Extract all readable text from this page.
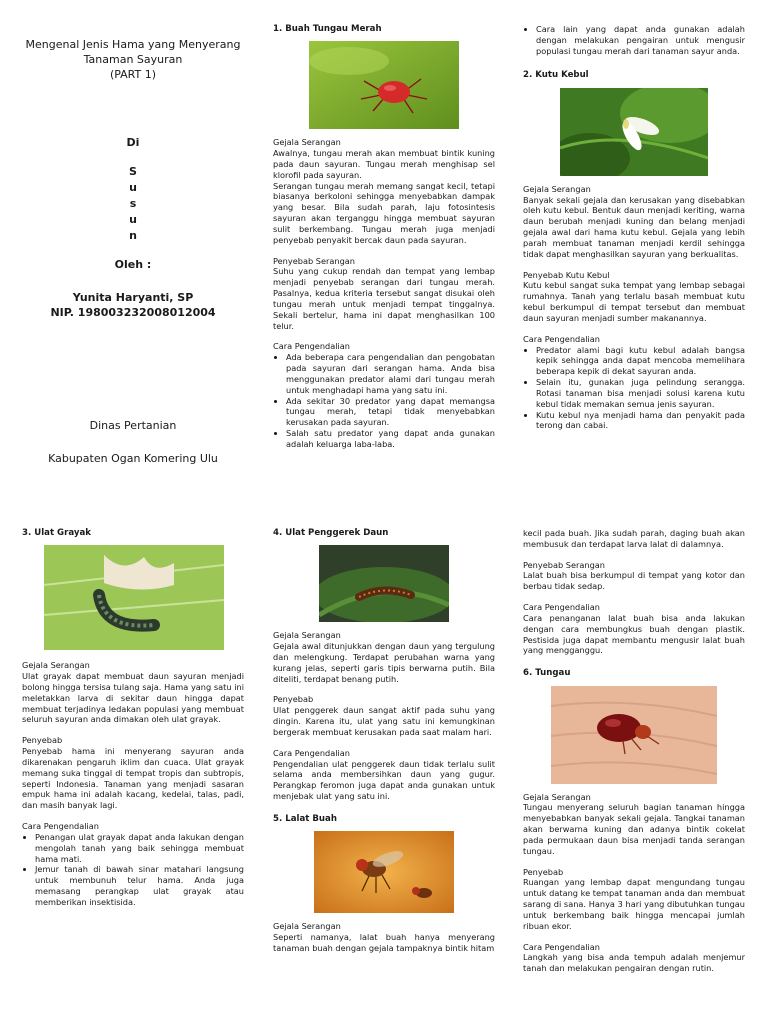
Mengenal Jenis Hama yang Menyerang
Tanaman Sayuran
(PART 1)
Di
S
u
s
u
n
Oleh :
Yunita Haryanti, SP
NIP. 198003232008012004
Dinas Pertanian
Kabupaten Ogan Komering Ulu
1. Buah Tungau Merah
Gejala Serangan

Awalnya, tungau merah akan membuat bintik kuning pada daun sayuran. Tungau merah menghisap sel klorofil pada sayuran.

Serangan tungau merah memang sangat kecil, tetapi biasanya berkoloni sehingga menyebabkan dampak yang besar. Bila sudah parah, laju fotosintesis sayuran akan terganggu hingga membuat sayuran sulit berkembang. Tungau merah juga menjadi penyebab penyakit bercak daun pada sayuran.

Penyebab Serangan

Suhu yang cukup rendah dan tempat yang lembap menjadi penyebab serangan dari tungau merah. Pasalnya, kedua kriteria tersebut sangat disukai oleh tungau merah untuk menjadi tempat tinggalnya. Sekali bertelur, hama ini dapat menghasilkan 100 telur.

Cara Pengendalian
• Ada beberapa cara pengendalian dan pengobatan pada sayuran dari serangan hama. Anda bisa menggunakan predator alami dari tungau merah untuk menghadapi hama yang satu ini.
• Ada sekitar 30 predator yang dapat memangsa tungau merah, tetapi tidak menyebabkan kerusakan pada sayuran.
• Salah satu predator yang dapat anda gunakan adalah keluarga laba-laba.
• Cara lain yang dapat anda gunakan adalah dengan melakukan pengairan untuk mengusir populasi tungau merah dari tanaman sayur anda.
2. Kutu Kebul
Gejala Serangan

Banyak sekali gejala dan kerusakan yang disebabkan oleh kutu kebul. Bentuk daun menjadi keriting, warna daun berubah menjadi kuning dan belang menjadi gejala awal dari hama kutu kebul. Gejala yang lebih parah membuat tanaman menjadi kerdil sehingga tidak dapat menghasilkan sayuran yang berkualitas.

Penyebab Kutu Kebul

Kutu kebul sangat suka tempat yang lembap sebagai rumahnya. Tanah yang terlalu basah membuat kutu kebul berkumpul di tempat tersebut dan membuat daun sayuran menjadi sumber makanannya.

Cara Pengendalian
• Predator alami bagi kutu kebul adalah bangsa kepik sehingga anda dapat mencoba memelihara beberapa kepik di dekat sayuran anda.
• Selain itu, gunakan juga pelindung serangga. Rotasi tanaman bisa menjadi solusi karena kutu kebul tidak memakan semua jenis sayuran.
• Kutu kebul nya menjadi hama dan penyakit pada terong dan cabai.
3. Ulat Grayak
Gejala Serangan

Ulat grayak dapat membuat daun sayuran menjadi bolong hingga tersisa tulang saja. Hama yang satu ini meletakkan larva di sekitar daun hingga dapat membuat terjadinya ledakan populasi yang membuat seluruh sayuran anda dimakan oleh ulat grayak.

Penyebab

Penyebab hama ini menyerang sayuran anda dikarenakan pengaruh iklim dan cuaca. Ulat grayak memang suka tinggal di tempat tropis dan subtropis, seperti Indonesia. Tanaman yang menjadi sasaran empuk hama ini adalah kacang, kedelai, talas, padi, dan masih banyak lagi.

Cara Pengendalian
• Penangan ulat grayak dapat anda lakukan dengan mengolah tanah yang baik sehingga membuat hama mati.
• Jemur tanah di bawah sinar matahari langsung untuk membunuh telur hama. Anda juga memasang perangkap ulat grayak atau memberikan insektisida.
4. Ulat Penggerek Daun
Gejala Serangan

Gejala awal ditunjukkan dengan daun yang tergulung dan melengkung. Terdapat perubahan warna yang kurang jelas, seperti garis tipis berwarna putih. Bila diteliti, terdapat benang putih.

Penyebab

Ulat penggerek daun sangat aktif pada suhu yang dingin. Karena itu, ulat yang satu ini kemungkinan bergerak membuat kerusakan pada saat malam hari.

Cara Pengendalian

Pengendalian ulat penggerek daun tidak terlalu sulit selama anda membersihkan daun yang gugur. Perangkap feromon juga dapat anda gunakan untuk menjebak ulat yang satu ini.

5. Lalat Buah
Gejala Serangan

Seperti namanya, lalat buah hanya menyerang tanaman buah dengan gejala tampaknya bintik hitam

kecil pada buah. Jika sudah parah, daging buah akan membusuk dan terdapat larva lalat di dalamnya.

Penyebab Serangan

Lalat buah bisa berkumpul di tempat yang kotor dan berbau tidak sedap.

Cara Pengendalian

Cara penanganan lalat buah bisa anda lakukan dengan cara membungkus buah dengan plastik. Pestisida juga dapat membantu mengusir lalat buah yang mengganggu.

6. Tungau
Gejala Serangan

Tungau menyerang seluruh bagian tanaman hingga menyebabkan banyak sekali gejala. Tangkai tanaman akan berwarna kuning dan adanya bintik cokelat pada permukaan daun bisa menjadi tanda serangan tungau.

Penyebab

Ruangan yang lembap dapat mengundang tungau untuk datang ke tempat tanaman anda dan membuat sarang di sana. Hanya 3 hari yang dibutuhkan tungau untuk berkembang baik hingga mencapai jumlah ribuan ekor.

Cara Pengendalian

Langkah yang bisa anda tempuh adalah menjemur tanah dan melakukan pengairan dengan rutin.
